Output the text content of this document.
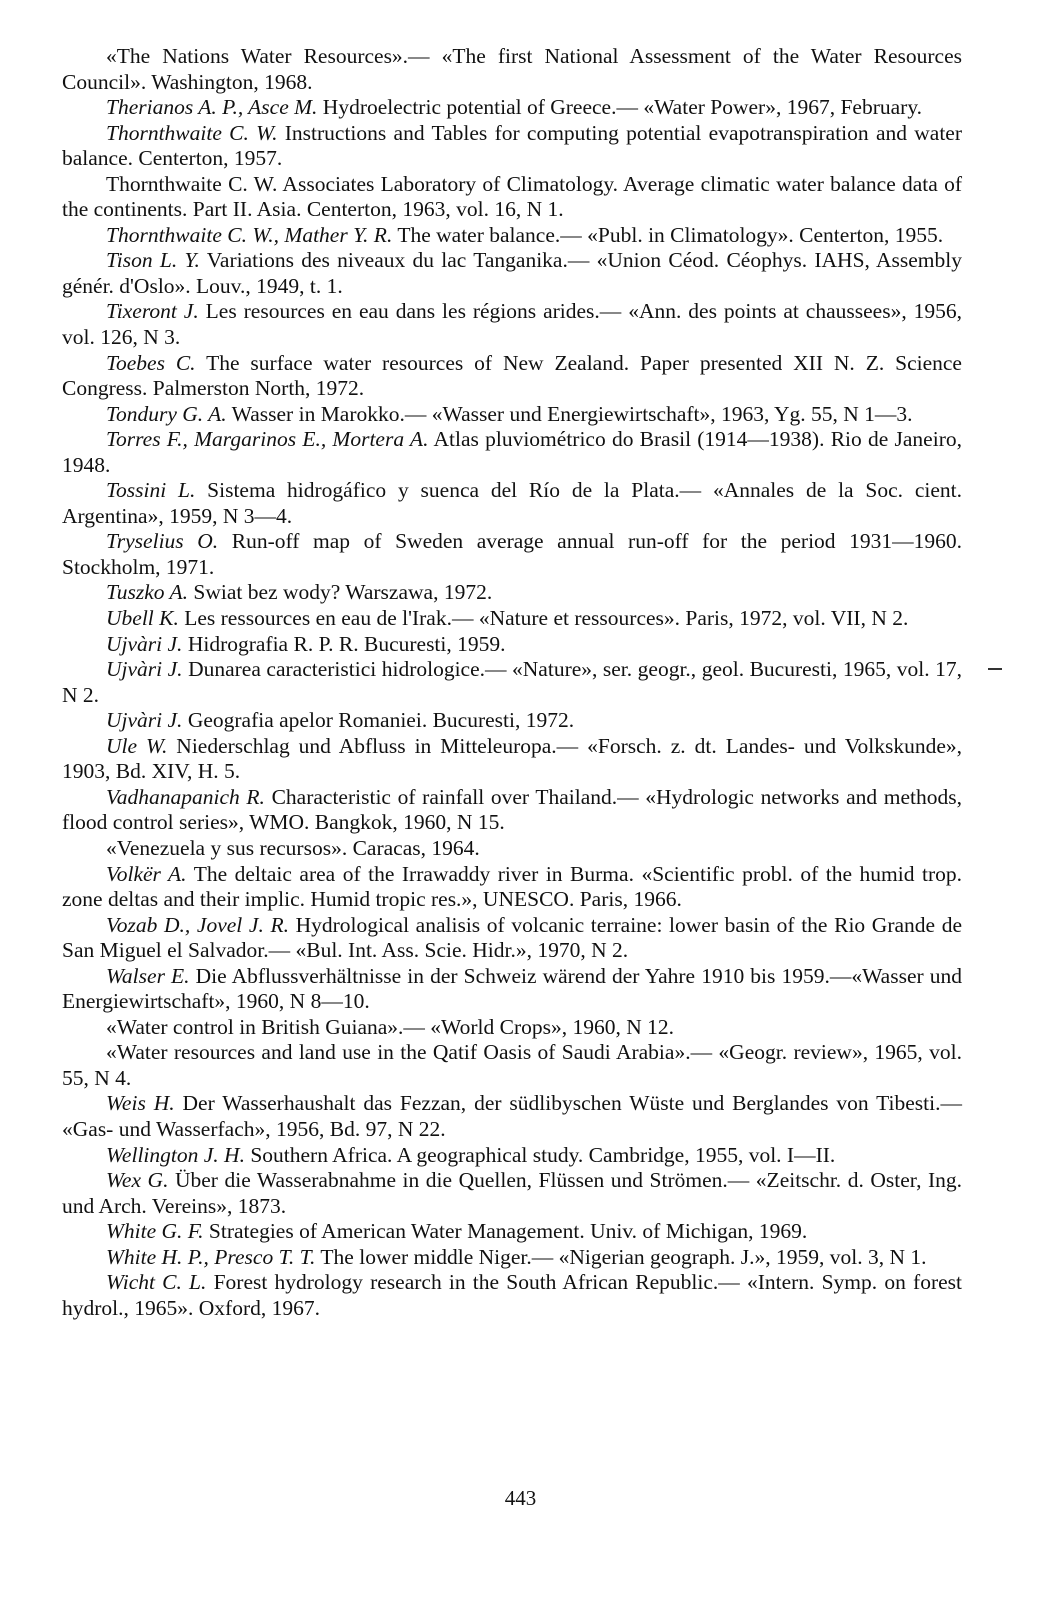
«The Nations Water Resources».— «The first National Assessment of the Water Resources Council». Washington, 1968.

Therianos A. P., Asce M. Hydroelectric potential of Greece.— «Water Power», 1967, February.

Thornthwaite C. W. Instructions and Tables for computing potential evapotranspiration and water balance. Centerton, 1957.

Thornthwaite C. W. Associates Laboratory of Climatology. Average climatic water balance data of the continents. Part II. Asia. Centerton, 1963, vol. 16, N 1.

Thornthwaite C. W., Mather Y. R. The water balance.— «Publ. in Climatology». Centerton, 1955.

Tison L. Y. Variations des niveaux du lac Tanganika.— «Union Céod. Céophys. IAHS, Assembly génér. d'Oslo». Louv., 1949, t. 1.

Tixeront J. Les resources en eau dans les régions arides.— «Ann. des points at chaussees», 1956, vol. 126, N 3.

Toebes C. The surface water resources of New Zealand. Paper presented XII N. Z. Science Congress. Palmerston North, 1972.

Tondury G. A. Wasser in Marokko.— «Wasser und Energiewirtschaft», 1963, Yg. 55, N 1—3.

Torres F., Margarinos E., Mortera A. Atlas pluviométrico do Brasil (1914—1938). Rio de Janeiro, 1948.

Tossini L. Sistema hidrogáfico y suenca del Río de la Plata.— «Annales de la Soc. cient. Argentina», 1959, N 3—4.

Tryselius O. Run-off map of Sweden average annual run-off for the period 1931—1960. Stockholm, 1971.

Tuszko A. Swiat bez wody? Warszawa, 1972.

Ubell K. Les ressources en eau de l'Irak.— «Nature et ressources». Paris, 1972, vol. VII, N 2.

Ujvàri J. Hidrografia R. P. R. Bucuresti, 1959.

Ujvàri J. Dunarea caracteristici hidrologice.— «Nature», ser. geogr., geol. Bucuresti, 1965, vol. 17, N 2.

Ujvàri J. Geografia apelor Romaniei. Bucuresti, 1972.

Ule W. Niederschlag und Abfluss in Mitteleuropa.— «Forsch. z. dt. Landes- und Volkskunde», 1903, Bd. XIV, H. 5.

Vadhanapanich R. Characteristic of rainfall over Thailand.— «Hydrologic networks and methods, flood control series», WMO. Bangkok, 1960, N 15.

«Venezuela y sus recursos». Caracas, 1964.

Volkër A. The deltaic area of the Irrawaddy river in Burma. «Scientific probl. of the humid trop. zone deltas and their implic. Humid tropic res.», UNESCO. Paris, 1966.

Vozab D., Jovel J. R. Hydrological analisis of volcanic terraine: lower basin of the Rio Grande de San Miguel el Salvador.— «Bul. Int. Ass. Scie. Hidr.», 1970, N 2.

Walser E. Die Abflussverhältnisse in der Schweiz wärend der Yahre 1910 bis 1959.—«Wasser und Energiewirtschaft», 1960, N 8—10.

«Water control in British Guiana».— «World Crops», 1960, N 12.

«Water resources and land use in the Qatif Oasis of Saudi Arabia».— «Geogr. review», 1965, vol. 55, N 4.

Weis H. Der Wasserhaushalt das Fezzan, der südlibyschen Wüste und Berglandes von Tibesti.— «Gas- und Wasserfach», 1956, Bd. 97, N 22.

Wellington J. H. Southern Africa. A geographical study. Cambridge, 1955, vol. I—II.

Wex G. Über die Wasserabnahme in die Quellen, Flüssen und Strömen.— «Zeitschr. d. Oster, Ing. und Arch. Vereins», 1873.

White G. F. Strategies of American Water Management. Univ. of Michigan, 1969.

White H. P., Presco T. T. The lower middle Niger.— «Nigerian geograph. J.», 1959, vol. 3, N 1.

Wicht C. L. Forest hydrology research in the South African Republic.— «Intern. Symp. on forest hydrol., 1965». Oxford, 1967.

443
